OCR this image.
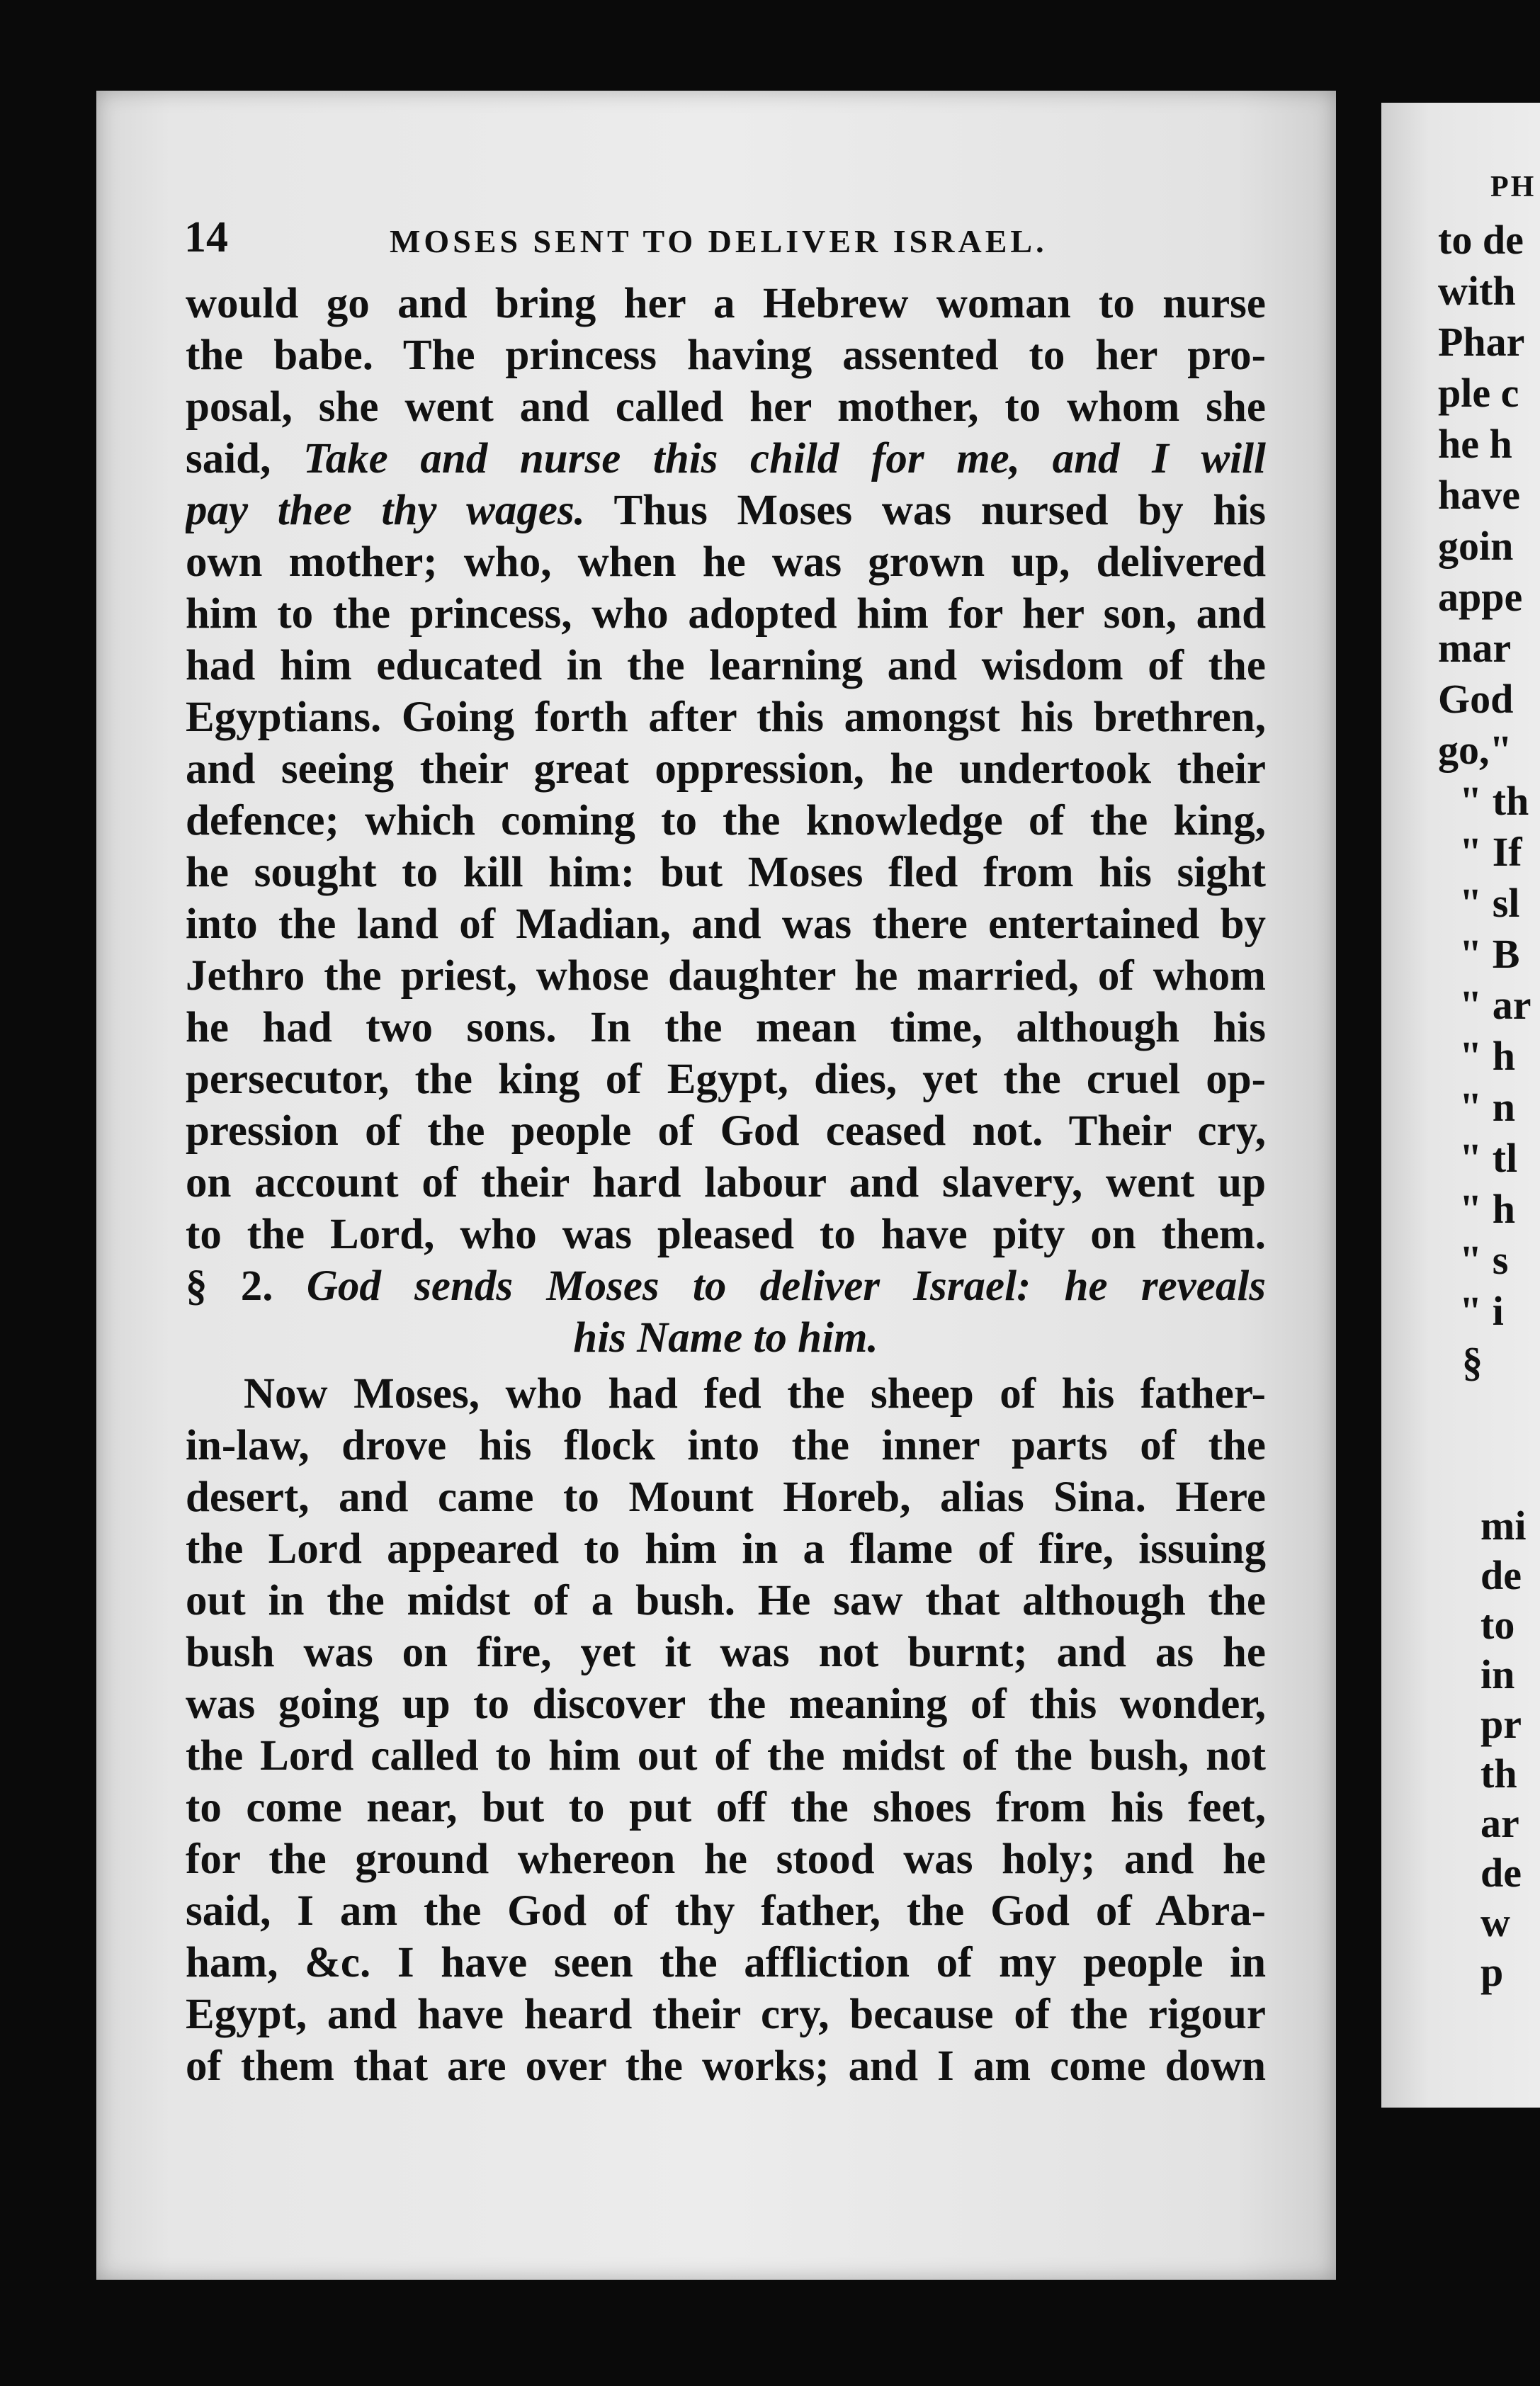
14	MOSES SENT TO DELIVER ISRAEL.
would go and bring her a Hebrew woman to nurse
the babe. The princess having assented to her pro-
posal, she went and called her mother, to whom she
said, Take and nurse this child for me, and I will
pay thee thy wages. Thus Moses was nursed by his
own mother; who, when he was grown up, delivered
him to the princess, who adopted him for her son, and
had him educated in the learning and wisdom of the
Egyptians. Going forth after this amongst his brethren,
and seeing their great oppression, he undertook their
defence; which coming to the knowledge of the king,
he sought to kill him: but Moses fled from his sight
into the land of Madian, and was there entertained by
Jethro the priest, whose daughter he married, of whom
he had two sons. In the mean time, although his
persecutor, the king of Egypt, dies, yet the cruel op-
pression of the people of God ceased not. Their cry,
on account of their hard labour and slavery, went up
to the Lord, who was pleased to have pity on them.
§ 2. God sends Moses to deliver Israel: he reveals
his Name to him.
Now Moses, who had fed the sheep of his father-
in-law, drove his flock into the inner parts of the
desert, and came to Mount Horeb, alias Sina. Here
the Lord appeared to him in a flame of fire, issuing
out in the midst of a bush. He saw that although the
bush was on fire, yet it was not burnt; and as he
was going up to discover the meaning of this wonder,
the Lord called to him out of the midst of the bush, not
to come near, but to put off the shoes from his feet,
for the ground whereon he stood was holy; and he
said, I am the God of thy father, the God of Abra-
ham, &c. I have seen the affliction of my people in
Egypt, and have heard their cry, because of the rigour
of them that are over the works; and I am come down
PH
to de
with
Phar
ple c
he h
have
goin
appe
mar
God
go,"
" th
" If
" sl
" B
" ar
" h
" n
" tl
" h
" s
" i
§
mi
de
to
in
pr
th
ar
de
w
p
